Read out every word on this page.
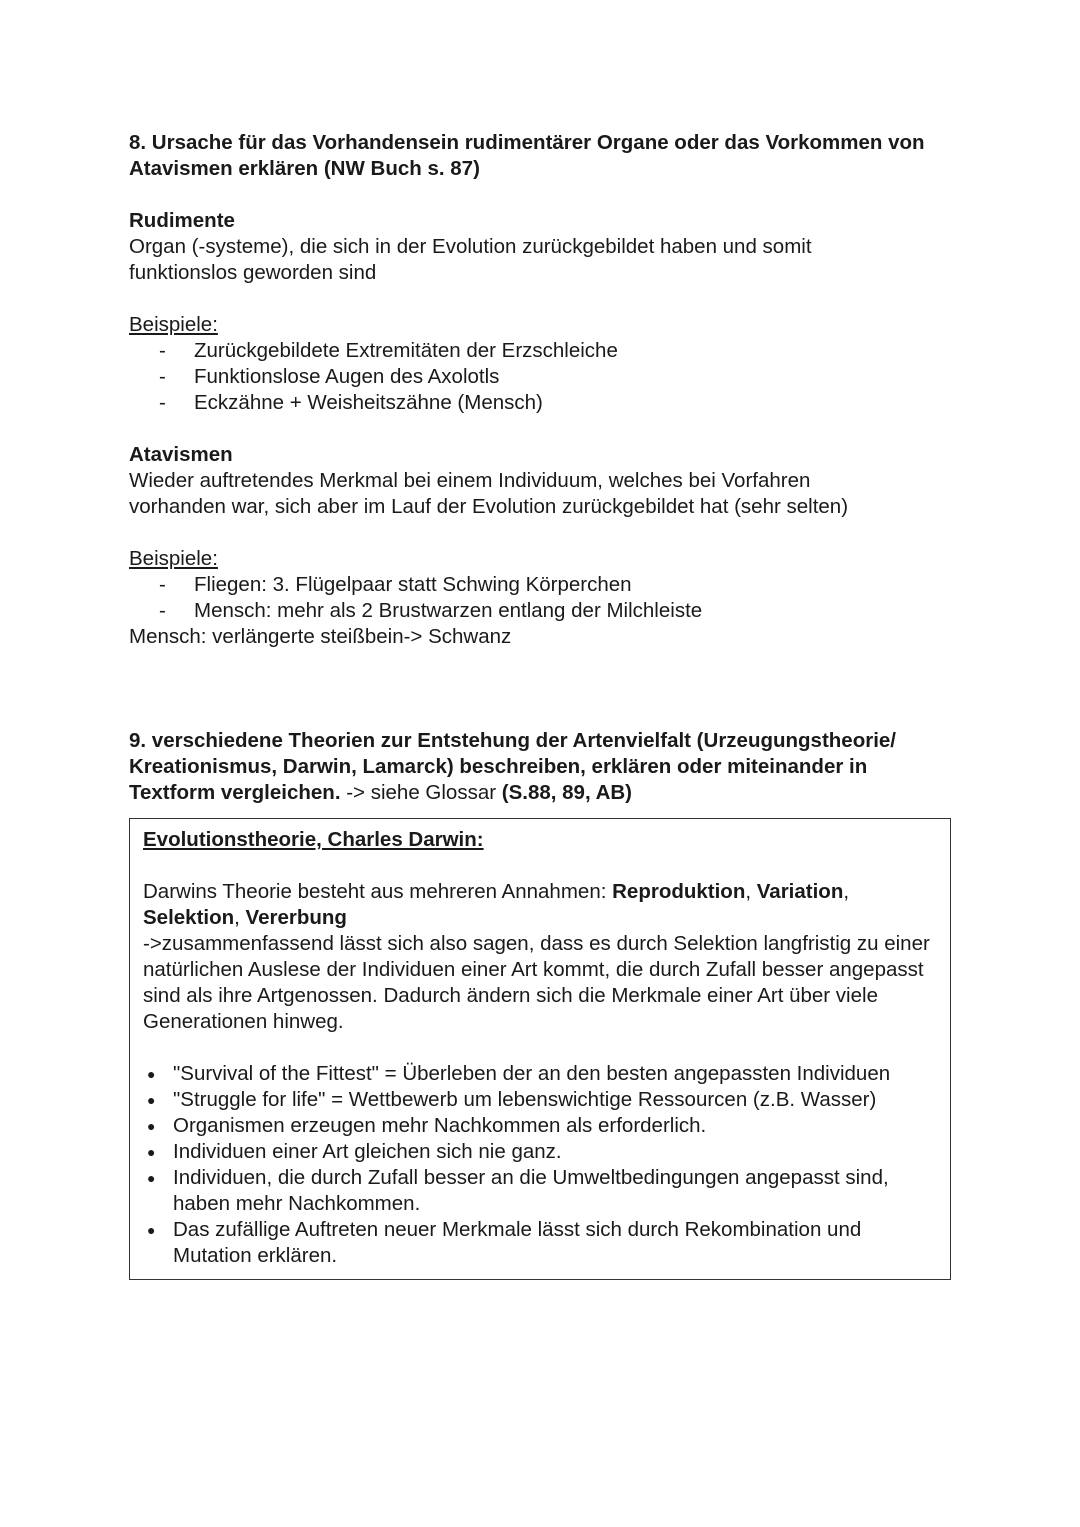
8. Ursache für das Vorhandensein rudimentärer Organe oder das Vorkommen von Atavismen erklären (NW Buch s. 87)

Rudimente

Organ (-systeme), die sich in der Evolution zurückgebildet haben und somit funktionslos geworden sind

Beispiele:

- Zurückgebildete Extremitäten der Erzschleiche
- Funktionslose Augen des Axolotls
- Eckzähne + Weisheitszähne (Mensch)

Atavismen

Wieder auftretendes Merkmal bei einem Individuum, welches bei Vorfahren vorhanden war, sich aber im Lauf der Evolution zurückgebildet hat (sehr selten)

Beispiele:

- Fliegen: 3. Flügelpaar statt Schwing Körperchen
- Mensch: mehr als 2 Brustwarzen entlang der Milchleiste

Mensch: verlängerte steißbein-> Schwanz

9. verschiedene Theorien zur Entstehung der Artenvielfalt (Urzeugungstheorie/ Kreationismus, Darwin, Lamarck) beschreiben, erklären oder miteinander in Textform vergleichen. -> siehe Glossar (S.88, 89, AB)

Evolutionstheorie, Charles Darwin:

Darwins Theorie besteht aus mehreren Annahmen: Reproduktion, Variation,
Selektion, Vererbung

->zusammenfassend lässt sich also sagen, dass es durch Selektion langfristig zu einer natürlichen Auslese der Individuen einer Art kommt, die durch Zufall besser angepasst sind als ihre Artgenossen. Dadurch ändern sich die Merkmale einer Art über viele Generationen hinweg.

● "Survival of the Fittest" = Überleben der an den besten angepassten Individuen
● "Struggle for life" = Wettbewerb um lebenswichtige Ressourcen (z.B. Wasser)
● Organismen erzeugen mehr Nachkommen als erforderlich.
● Individuen einer Art gleichen sich nie ganz.
● Individuen, die durch Zufall besser an die Umweltbedingungen angepasst sind, haben mehr Nachkommen.
● Das zufällige Auftreten neuer Merkmale lässt sich durch Rekombination und Mutation erklären.
